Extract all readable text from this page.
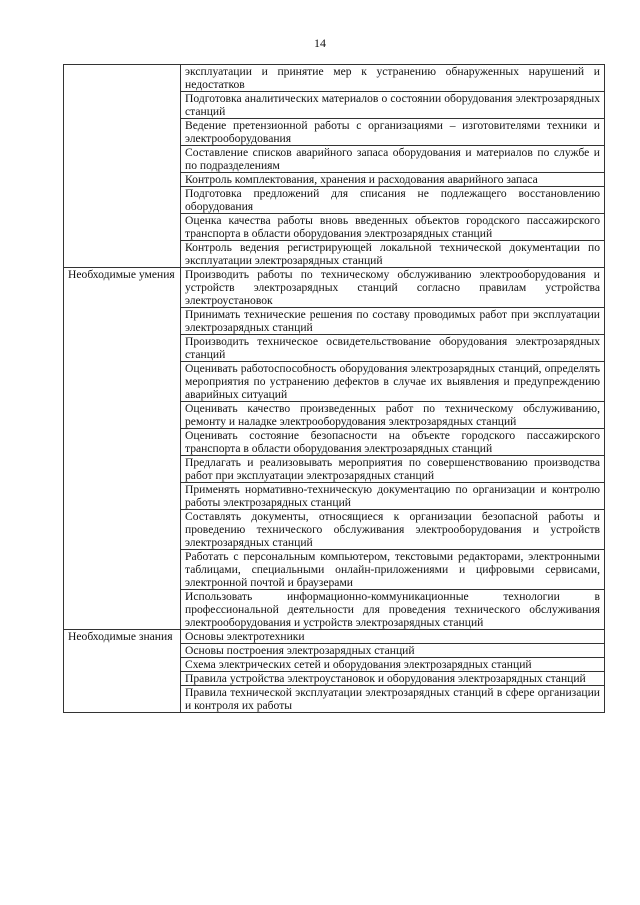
14
	эксплуатации и принятие мер к устранению обнаруженных нарушений и недостатков
	Подготовка аналитических материалов о состоянии оборудования электрозарядных станций
	Ведение претензионной работы с организациями – изготовителями техники и электрооборудования
	Составление списков аварийного запаса оборудования и материалов по службе и по подразделениям
	Контроль комплектования, хранения и расходования аварийного запаса
	Подготовка предложений для списания не подлежащего восстановлению оборудования
	Оценка качества работы вновь введенных объектов городского пассажирского транспорта в области оборудования электрозарядных станций
	Контроль ведения регистрирующей локальной технической документации по эксплуатации электрозарядных станций
Необходимые умения	Производить работы по техническому обслуживанию электрооборудования и устройств электрозарядных станций согласно правилам устройства электроустановок
	Принимать технические решения по составу проводимых работ при эксплуатации электрозарядных станций
	Производить техническое освидетельствование оборудования электрозарядных станций
	Оценивать работоспособность оборудования электрозарядных станций, определять мероприятия по устранению дефектов в случае их выявления и предупреждению аварийных ситуаций
	Оценивать качество произведенных работ по техническому обслуживанию, ремонту и наладке электрооборудования электрозарядных станций
	Оценивать состояние безопасности на объекте городского пассажирского транспорта в области оборудования электрозарядных станций
	Предлагать и реализовывать мероприятия по совершенствованию производства работ при эксплуатации электрозарядных станций
	Применять нормативно-техническую документацию по организации и контролю работы электрозарядных станций
	Составлять документы, относящиеся к организации безопасной работы и проведению технического обслуживания электрооборудования и устройств электрозарядных станций
	Работать с персональным компьютером, текстовыми редакторами, электронными таблицами, специальными онлайн-приложениями и цифровыми сервисами, электронной почтой и браузерами
	Использовать информационно-коммуникационные технологии в профессиональной деятельности для проведения технического обслуживания электрооборудования и устройств электрозарядных станций
Необходимые знания	Основы электротехники
	Основы построения электрозарядных станций
	Схема электрических сетей и оборудования электрозарядных станций
	Правила устройства электроустановок и оборудования электрозарядных станций
	Правила технической эксплуатации электрозарядных станций в сфере организации и контроля их работы
